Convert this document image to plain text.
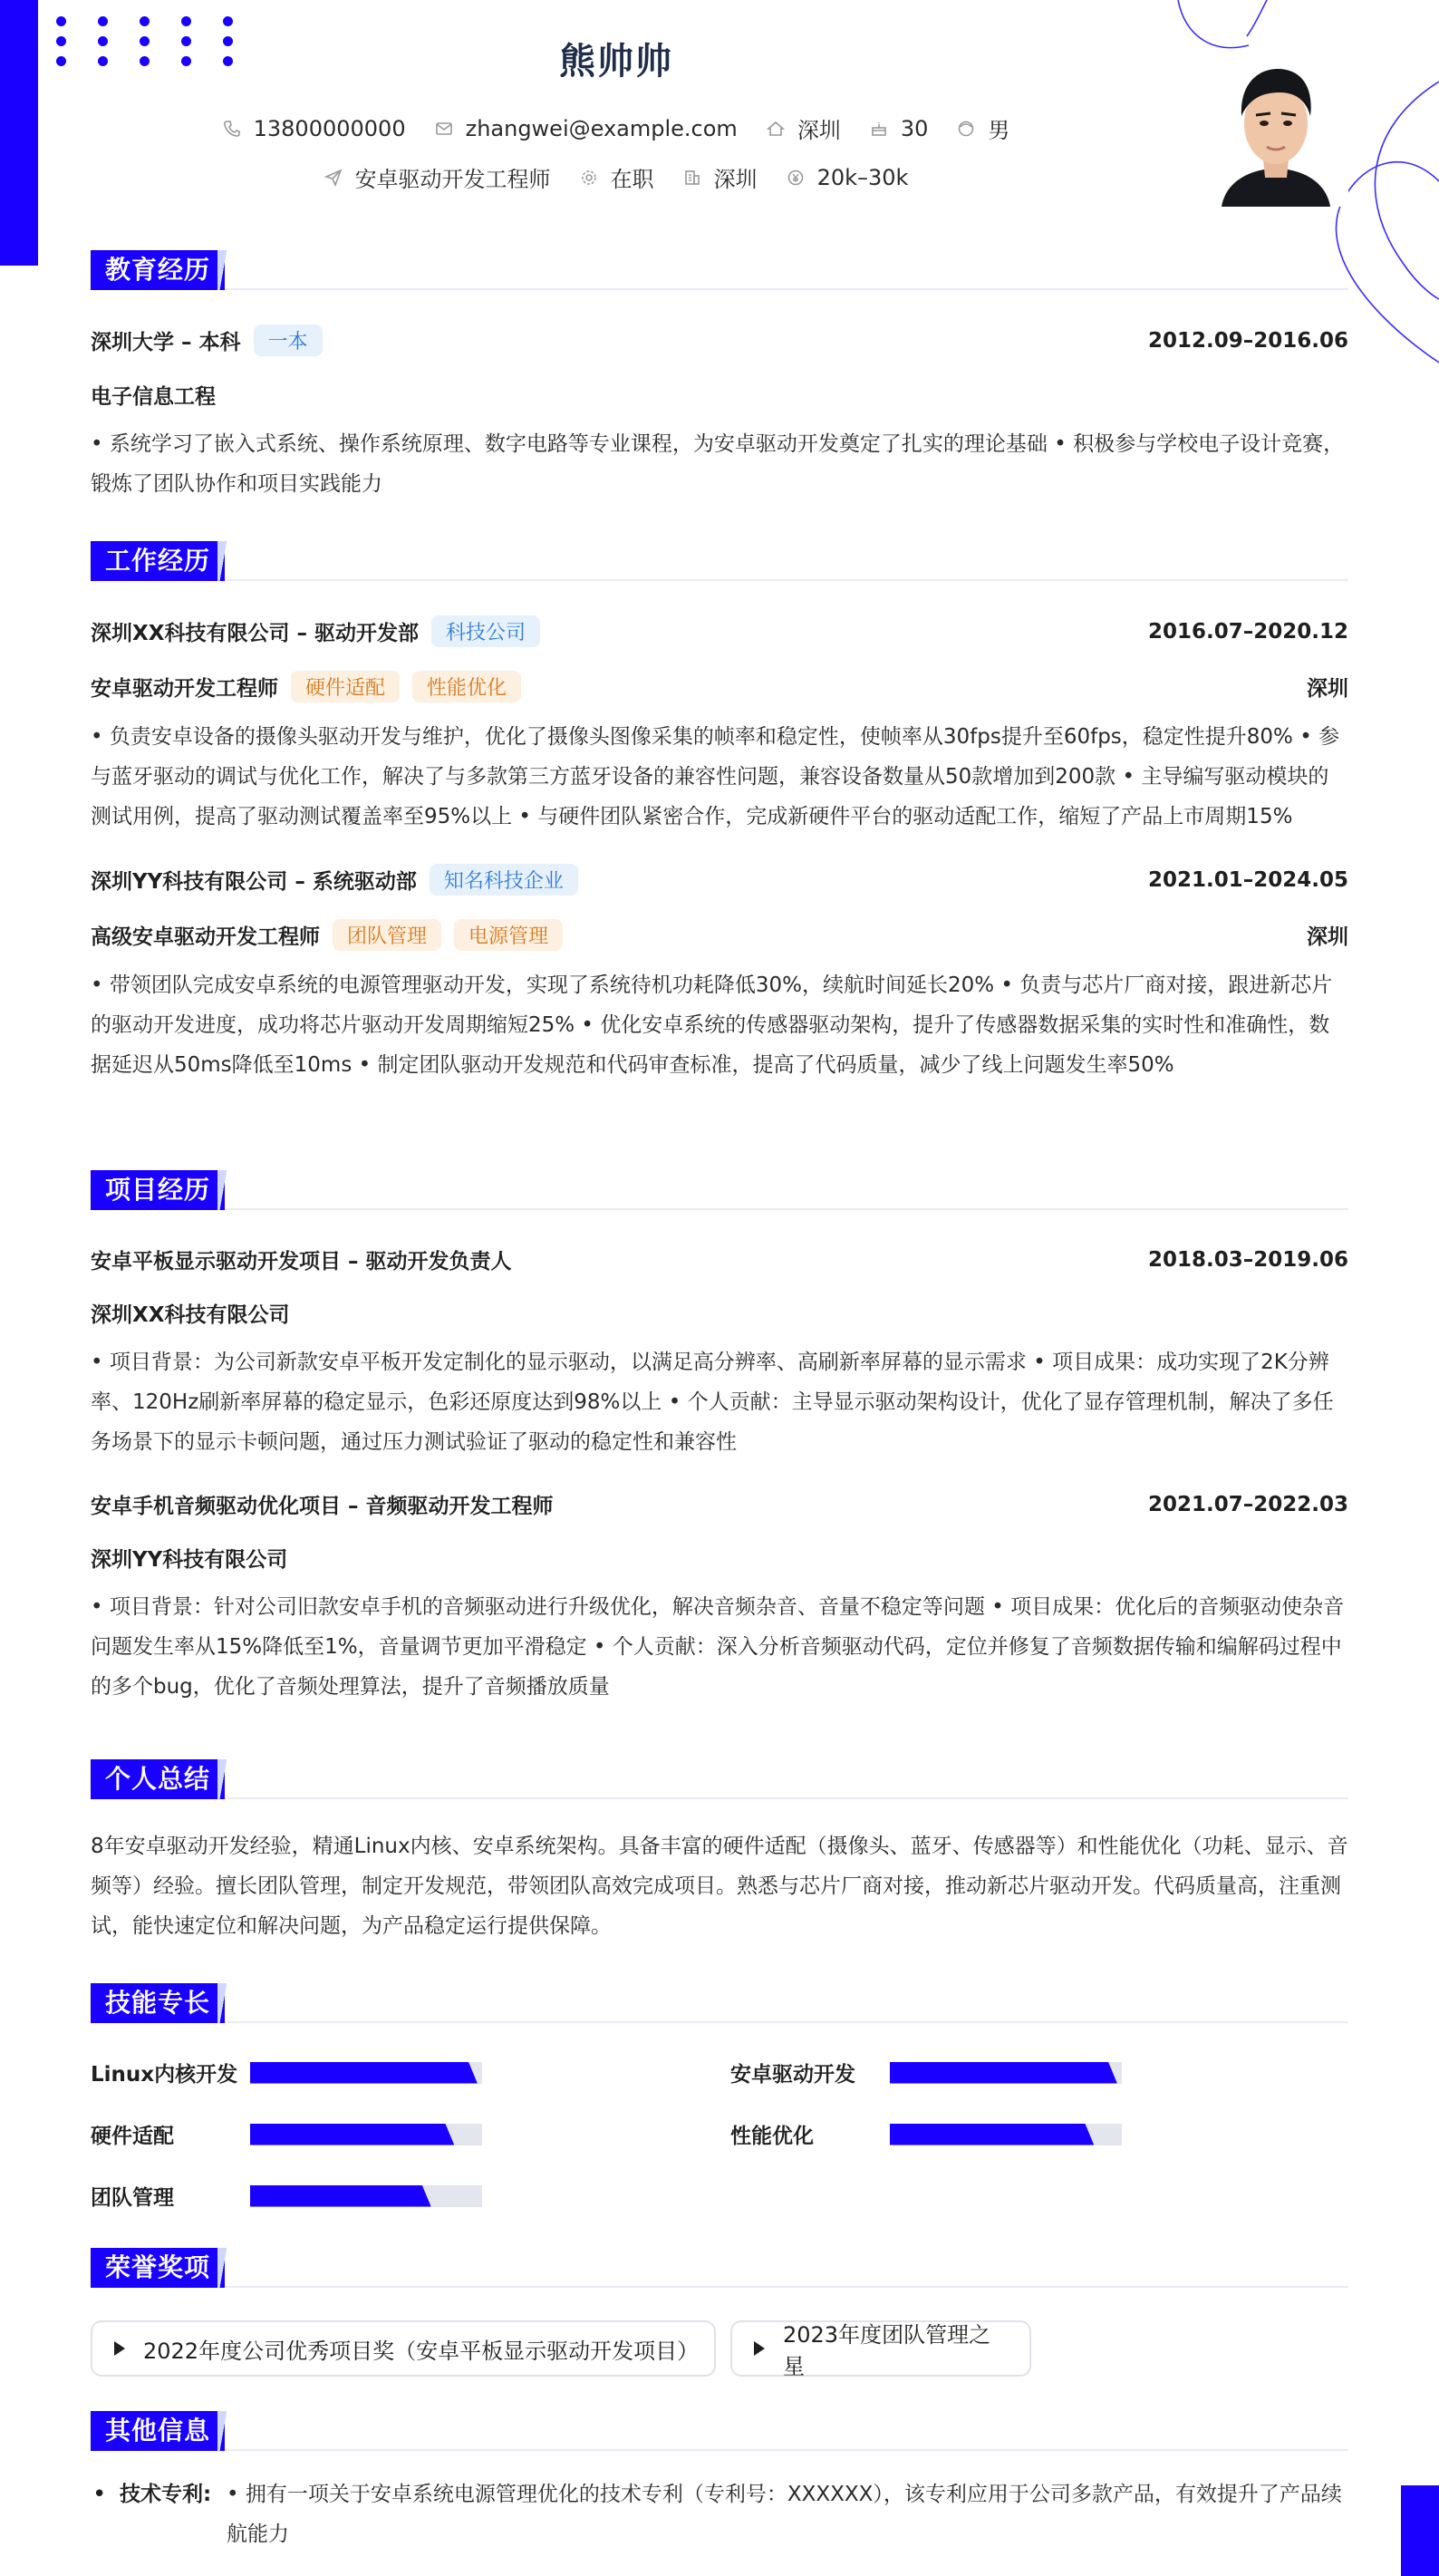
熊帅帅
13800000000	zhangwei@example.com	深圳	30	男
安卓驱动开发工程师	在职	深圳	20k–30k
教育经历
深圳大学 – 本科	一本	2012.09–2016.06
电子信息工程
• 系统学习了嵌入式系统、操作系统原理、数字电路等专业课程，为安卓驱动开发奠定了扎实的理论基础 • 积极参与学校电子设计竞赛，锻炼了团队协作和项目实践能力
工作经历
深圳XX科技有限公司 – 驱动开发部	科技公司	2016.07–2020.12
安卓驱动开发工程师	硬件适配	性能优化	深圳
• 负责安卓设备的摄像头驱动开发与维护，优化了摄像头图像采集的帧率和稳定性，使帧率从30fps提升至60fps，稳定性提升80% • 参与蓝牙驱动的调试与优化工作，解决了与多款第三方蓝牙设备的兼容性问题，兼容设备数量从50款增加到200款 • 主导编写驱动模块的测试用例，提高了驱动测试覆盖率至95%以上 • 与硬件团队紧密合作，完成新硬件平台的驱动适配工作，缩短了产品上市周期15%
深圳YY科技有限公司 – 系统驱动部	知名科技企业	2021.01–2024.05
高级安卓驱动开发工程师	团队管理	电源管理	深圳
• 带领团队完成安卓系统的电源管理驱动开发，实现了系统待机功耗降低30%，续航时间延长20% • 负责与芯片厂商对接，跟进新芯片的驱动开发进度，成功将芯片驱动开发周期缩短25% • 优化安卓系统的传感器驱动架构，提升了传感器数据采集的实时性和准确性，数据延迟从50ms降低至10ms • 制定团队驱动开发规范和代码审查标准，提高了代码质量，减少了线上问题发生率50%
项目经历
安卓平板显示驱动开发项目 – 驱动开发负责人	2018.03–2019.06
深圳XX科技有限公司
• 项目背景：为公司新款安卓平板开发定制化的显示驱动，以满足高分辨率、高刷新率屏幕的显示需求 • 项目成果：成功实现了2K分辨率、120Hz刷新率屏幕的稳定显示，色彩还原度达到98%以上 • 个人贡献：主导显示驱动架构设计，优化了显存管理机制，解决了多任务场景下的显示卡顿问题，通过压力测试验证了驱动的稳定性和兼容性
安卓手机音频驱动优化项目 – 音频驱动开发工程师	2021.07–2022.03
深圳YY科技有限公司
• 项目背景：针对公司旧款安卓手机的音频驱动进行升级优化，解决音频杂音、音量不稳定等问题 • 项目成果：优化后的音频驱动使杂音问题发生率从15%降低至1%，音量调节更加平滑稳定 • 个人贡献：深入分析音频驱动代码，定位并修复了音频数据传输和编解码过程中的多个bug，优化了音频处理算法，提升了音频播放质量
个人总结
8年安卓驱动开发经验，精通Linux内核、安卓系统架构。具备丰富的硬件适配（摄像头、蓝牙、传感器等）和性能优化（功耗、显示、音频等）经验。擅长团队管理，制定开发规范，带领团队高效完成项目。熟悉与芯片厂商对接，推动新芯片驱动开发。代码质量高，注重测试，能快速定位和解决问题，为产品稳定运行提供保障。
技能专长
Linux内核开发	安卓驱动开发
硬件适配	性能优化
团队管理
荣誉奖项
2022年度公司优秀项目奖（安卓平板显示驱动开发项目）
2023年度团队管理之星
其他信息
• 技术专利: • 拥有一项关于安卓系统电源管理优化的技术专利（专利号：XXXXXX），该专利应用于公司多款产品，有效提升了产品续航能力
